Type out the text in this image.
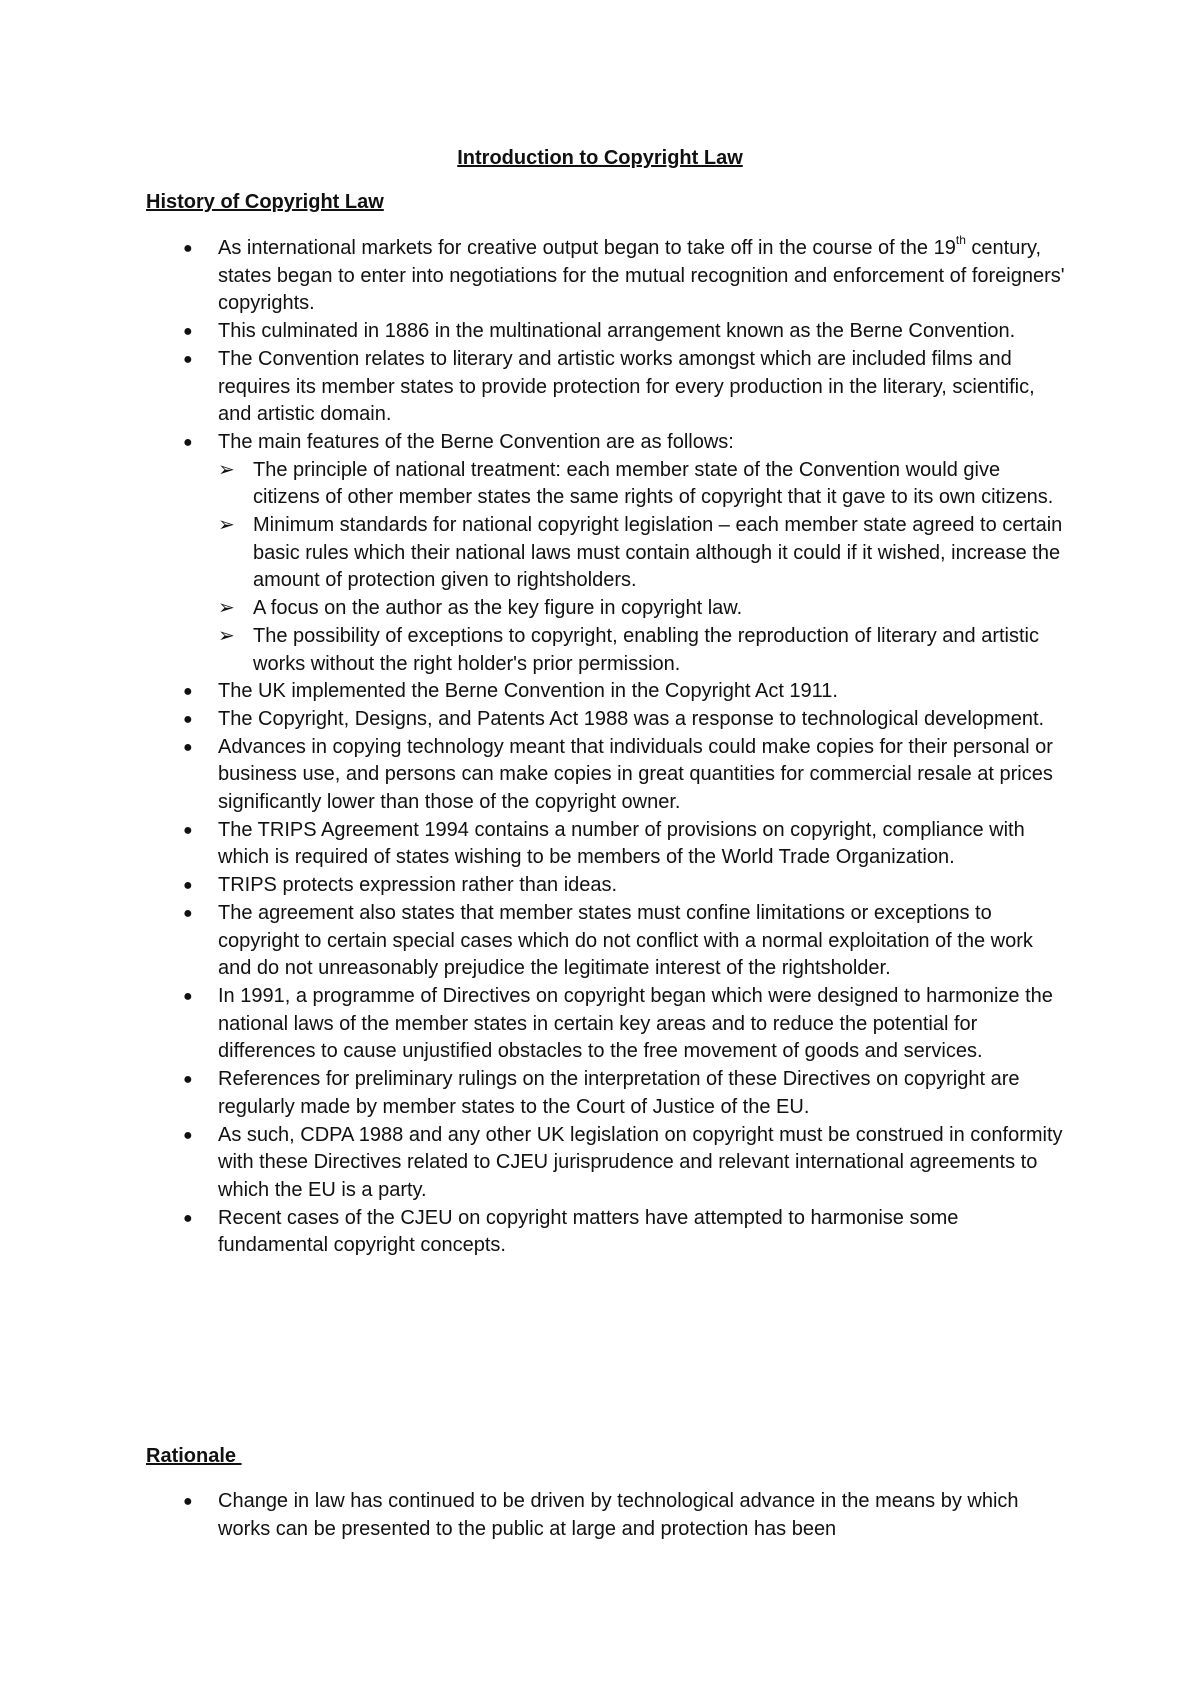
Introduction to Copyright Law
History of Copyright Law
● As international markets for creative output began to take off in the course of the 19th century, states began to enter into negotiations for the mutual recognition and enforcement of foreigners' copyrights.
● This culminated in 1886 in the multinational arrangement known as the Berne Convention.
● The Convention relates to literary and artistic works amongst which are included films and requires its member states to provide protection for every production in the literary, scientific, and artistic domain.
● The main features of the Berne Convention are as follows:
➢ The principle of national treatment: each member state of the Convention would give citizens of other member states the same rights of copyright that it gave to its own citizens.
➢ Minimum standards for national copyright legislation – each member state agreed to certain basic rules which their national laws must contain although it could if it wished, increase the amount of protection given to rightsholders.
➢ A focus on the author as the key figure in copyright law.
➢ The possibility of exceptions to copyright, enabling the reproduction of literary and artistic works without the right holder's prior permission.
● The UK implemented the Berne Convention in the Copyright Act 1911.
● The Copyright, Designs, and Patents Act 1988 was a response to technological development.
● Advances in copying technology meant that individuals could make copies for their personal or business use, and persons can make copies in great quantities for commercial resale at prices significantly lower than those of the copyright owner.
● The TRIPS Agreement 1994 contains a number of provisions on copyright, compliance with which is required of states wishing to be members of the World Trade Organization.
● TRIPS protects expression rather than ideas.
● The agreement also states that member states must confine limitations or exceptions to copyright to certain special cases which do not conflict with a normal exploitation of the work and do not unreasonably prejudice the legitimate interest of the rightsholder.
● In 1991, a programme of Directives on copyright began which were designed to harmonize the national laws of the member states in certain key areas and to reduce the potential for differences to cause unjustified obstacles to the free movement of goods and services.
● References for preliminary rulings on the interpretation of these Directives on copyright are regularly made by member states to the Court of Justice of the EU.
● As such, CDPA 1988 and any other UK legislation on copyright must be construed in conformity with these Directives related to CJEU jurisprudence and relevant international agreements to which the EU is a party.
● Recent cases of the CJEU on copyright matters have attempted to harmonise some fundamental copyright concepts.
Rationale
● Change in law has continued to be driven by technological advance in the means by which works can be presented to the public at large and protection has been
